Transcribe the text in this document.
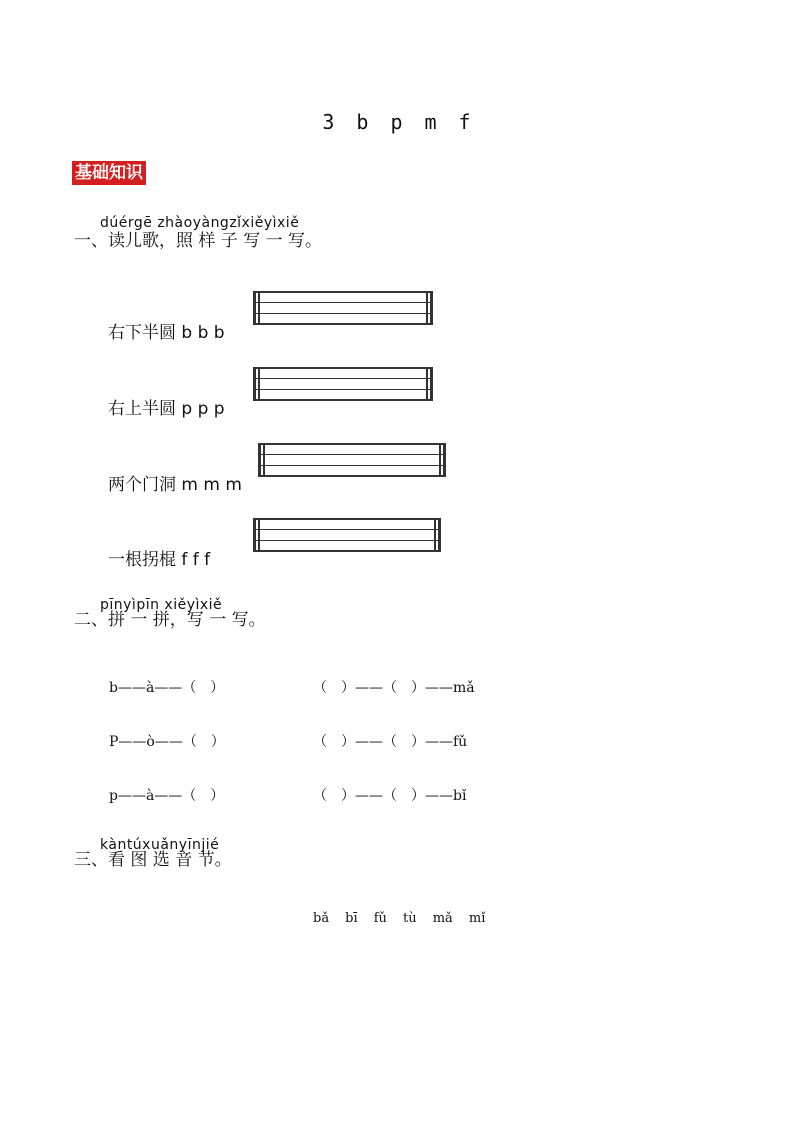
3　b　p　m　f
基础知识
dúérgē zhàoyàngzǐxiěyìxiě
一、读儿歌，照 样 子 写 一 写。
右下半圆 b b b
右上半圆 p p p
两个门洞 m m m
一根拐棍 f f f
pīnyìpīn xiěyìxiě
二、拼 一 拼，写 一 写。
b——à——（　）	（　）——（　）——mǎ
P——ò——（　）	（　）——（　）——fǔ
p——à——（　）	（　）——（　）——bǐ
kàntúxuǎnyīnjié
三、看 图 选 音 节。
bǎ bī fǔ tù mǎ mǐ
